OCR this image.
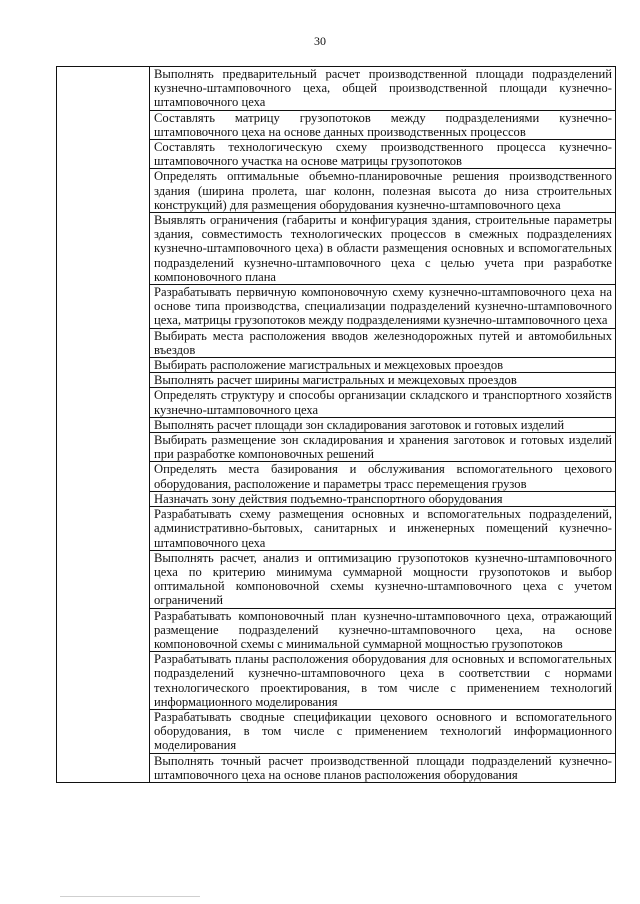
30

Выполнять предварительный расчет производственной площади подразделений кузнечно-штамповочного цеха, общей производственной площади кузнечно-штамповочного цеха

Составлять матрицу грузопотоков между подразделениями кузнечно-штамповочного цеха на основе данных производственных процессов

Составлять технологическую схему производственного процесса кузнечно-штамповочного участка на основе матрицы грузопотоков

Определять оптимальные объемно-планировочные решения производственного здания (ширина пролета, шаг колонн, полезная высота до низа строительных конструкций) для размещения оборудования кузнечно-штамповочного цеха

Выявлять ограничения (габариты и конфигурация здания, строительные параметры здания, совместимость технологических процессов в смежных подразделениях кузнечно-штамповочного цеха) в области размещения основных и вспомогательных подразделений кузнечно-штамповочного цеха с целью учета при разработке компоновочного плана

Разрабатывать первичную компоновочную схему кузнечно-штамповочного цеха на основе типа производства, специализации подразделений кузнечно-штамповочного цеха, матрицы грузопотоков между подразделениями кузнечно-штамповочного цеха

Выбирать места расположения вводов железнодорожных путей и автомобильных въездов

Выбирать расположение магистральных и межцеховых проездов

Выполнять расчет ширины магистральных и межцеховых проездов

Определять структуру и способы организации складского и транспортного хозяйств кузнечно-штамповочного цеха

Выполнять расчет площади зон складирования заготовок и готовых изделий

Выбирать размещение зон складирования и хранения заготовок и готовых изделий при разработке компоновочных решений

Определять места базирования и обслуживания вспомогательного цехового оборудования, расположение и параметры трасс перемещения грузов

Назначать зону действия подъемно-транспортного оборудования

Разрабатывать схему размещения основных и вспомогательных подразделений, административно-бытовых, санитарных и инженерных помещений кузнечно-штамповочного цеха

Выполнять расчет, анализ и оптимизацию грузопотоков кузнечно-штамповочного цеха по критерию минимума суммарной мощности грузопотоков и выбор оптимальной компоновочной схемы кузнечно-штамповочного цеха с учетом ограничений

Разрабатывать компоновочный план кузнечно-штамповочного цеха, отражающий размещение подразделений кузнечно-штамповочного цеха, на основе компоновочной схемы с минимальной суммарной мощностью грузопотоков

Разрабатывать планы расположения оборудования для основных и вспомогательных подразделений кузнечно-штамповочного цеха в соответствии с нормами технологического проектирования, в том числе с применением технологий информационного моделирования

Разрабатывать сводные спецификации цехового основного и вспомогательного оборудования, в том числе с применением технологий информационного моделирования

Выполнять точный расчет производственной площади подразделений кузнечно-штамповочного цеха на основе планов расположения оборудования
